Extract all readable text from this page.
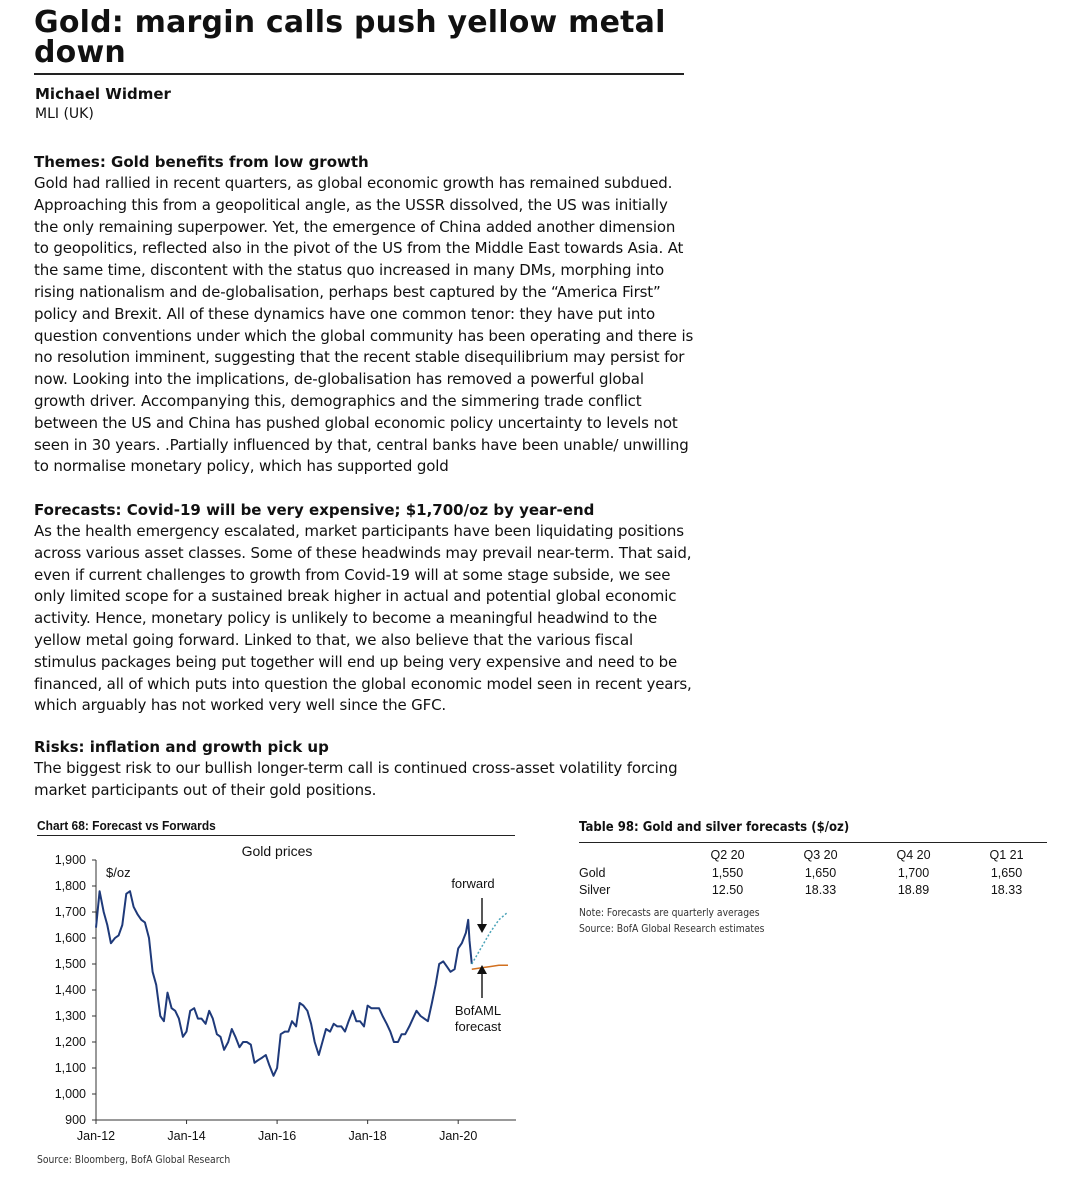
Gold: margin calls push yellow metal down
Michael Widmer
MLI (UK)
Themes: Gold benefits from low growth
Gold had rallied in recent quarters, as global economic growth has remained subdued. Approaching this from a geopolitical angle, as the USSR dissolved, the US was initially the only remaining superpower. Yet, the emergence of China added another dimension to geopolitics, reflected also in the pivot of the US from the Middle East towards Asia. At the same time, discontent with the status quo increased in many DMs, morphing into rising nationalism and de-globalisation, perhaps best captured by the “America First” policy and Brexit. All of these dynamics have one common tenor: they have put into question conventions under which the global community has been operating and there is no resolution imminent, suggesting that the recent stable disequilibrium may persist for now. Looking into the implications, de-globalisation has removed a powerful global growth driver. Accompanying this, demographics and the simmering trade conflict between the US and China has pushed global economic policy uncertainty to levels not seen in 30 years. .Partially influenced by that, central banks have been unable/ unwilling to normalise monetary policy, which has supported gold
Forecasts: Covid-19 will be very expensive; $1,700/oz by year-end
As the health emergency escalated, market participants have been liquidating positions across various asset classes. Some of these headwinds may prevail near-term. That said, even if current challenges to growth from Covid-19 will at some stage subside, we see only limited scope for a sustained break higher in actual and potential global economic activity. Hence, monetary policy is unlikely to become a meaningful headwind to the yellow metal going forward. Linked to that, we also believe that the various fiscal stimulus packages being put together will end up being very expensive and need to be financed, all of which puts into question the global economic model seen in recent years, which arguably has not worked very well since the GFC.
Risks: inflation and growth pick up
The biggest risk to our bullish longer-term call is continued cross-asset volatility forcing market participants out of their gold positions.
Chart 68: Forecast vs Forwards
Gold prices
$/oz
1,900
1,800
1,700
1,600
1,500
1,400
1,300
1,200
1,100
1,000
900
Jan-12	Jan-14	Jan-16	Jan-18	Jan-20
forward
BofAML
forecast
Source: Bloomberg, BofA Global Research
Table 98: Gold and silver forecasts ($/oz)
	Q2 20	Q3 20	Q4 20	Q1 21
Gold	1,550	1,650	1,700	1,650
Silver	12.50	18.33	18.89	18.33
Note: Forecasts are quarterly averages
Source: BofA Global Research estimates
